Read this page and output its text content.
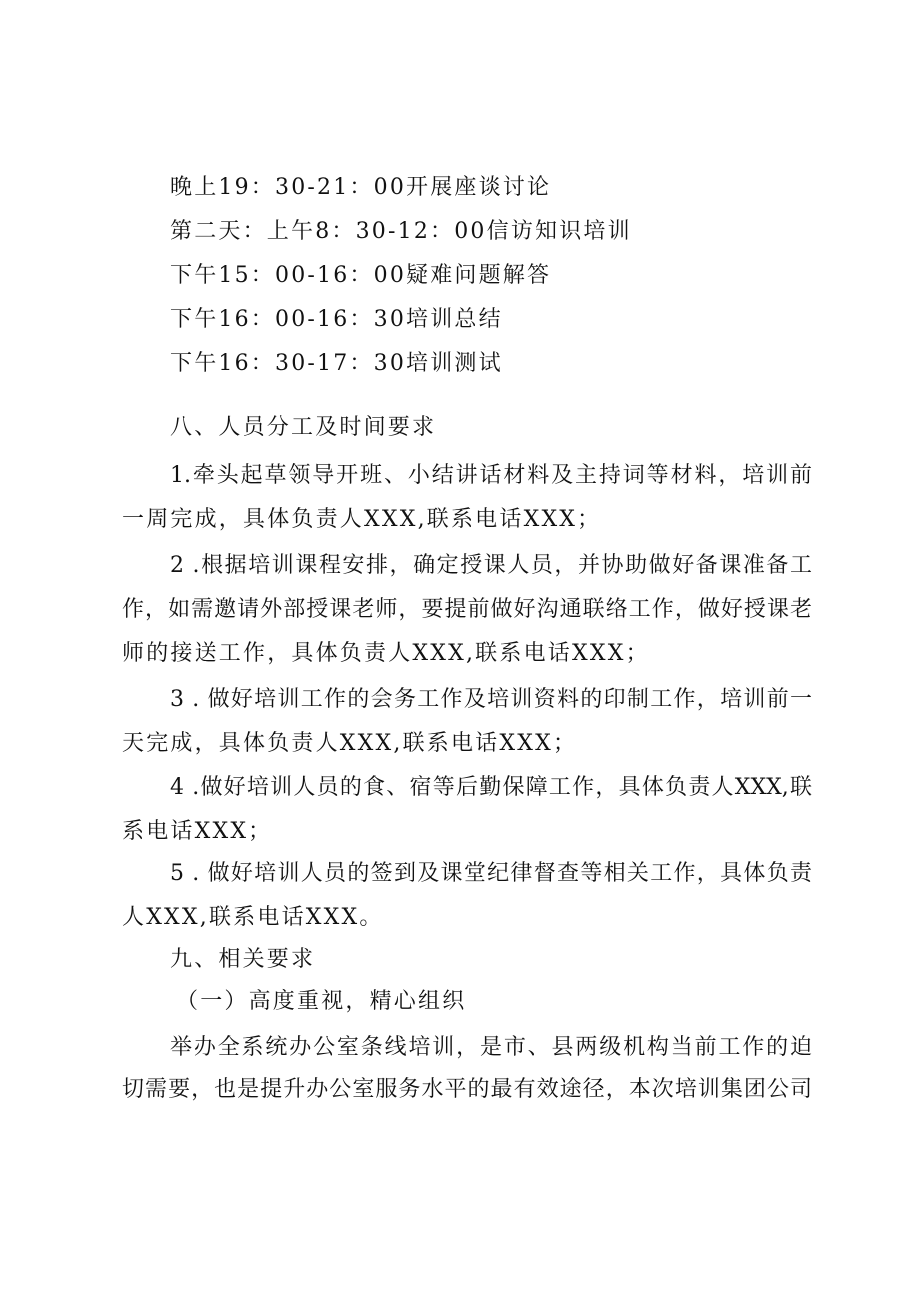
晚上19：30-21：00开展座谈讨论
第二天：上午8：30-12：00信访知识培训
下午15：00-16：00疑难问题解答
下午16：00-16：30培训总结
下午16：30-17：30培训测试
八、人员分工及时间要求
1.牵头起草领导开班、小结讲话材料及主持词等材料，培训前
一周完成，具体负责人XXX,联系电话XXX；
2 .根据培训课程安排，确定授课人员，并协助做好备课准备工
作，如需邀请外部授课老师，要提前做好沟通联络工作，做好授课老
师的接送工作，具体负责人XXX,联系电话XXX；
3 . 做好培训工作的会务工作及培训资料的印制工作，培训前一
天完成，具体负责人XXX,联系电话XXX；
4 .做好培训人员的食、宿等后勤保障工作，具体负责人XXX,联
系电话XXX；
5 . 做好培训人员的签到及课堂纪律督查等相关工作，具体负责
人XXX,联系电话XXX。
九、相关要求
（一）高度重视，精心组织
举办全系统办公室条线培训，是市、县两级机构当前工作的迫
切需要，也是提升办公室服务水平的最有效途径，本次培训集团公司
